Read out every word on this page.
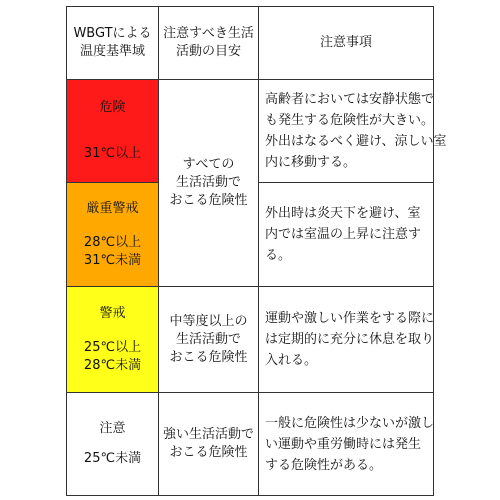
WBGTによる
温度基準域	注意すべき生活
活動の目安	注意事項

危険
31℃以上	すべての
生活活動で
おこる危険性	高齢者においては安静状態で
も発生する危険性が大きい。
外出はなるべく避け、涼しい室
内に移動する。

厳重警戒
28℃以上
31℃未満		外出時は炎天下を避け、室
内では室温の上昇に注意す
る。

警戒
25℃以上
28℃未満	中等度以上の
生活活動で
おこる危険性	運動や激しい作業をする際に
は定期的に充分に休息を取り
入れる。

注意
25℃未満	強い生活活動で
おこる危険性	一般に危険性は少ないが激し
い運動や重労働時には発生
する危険性がある。
